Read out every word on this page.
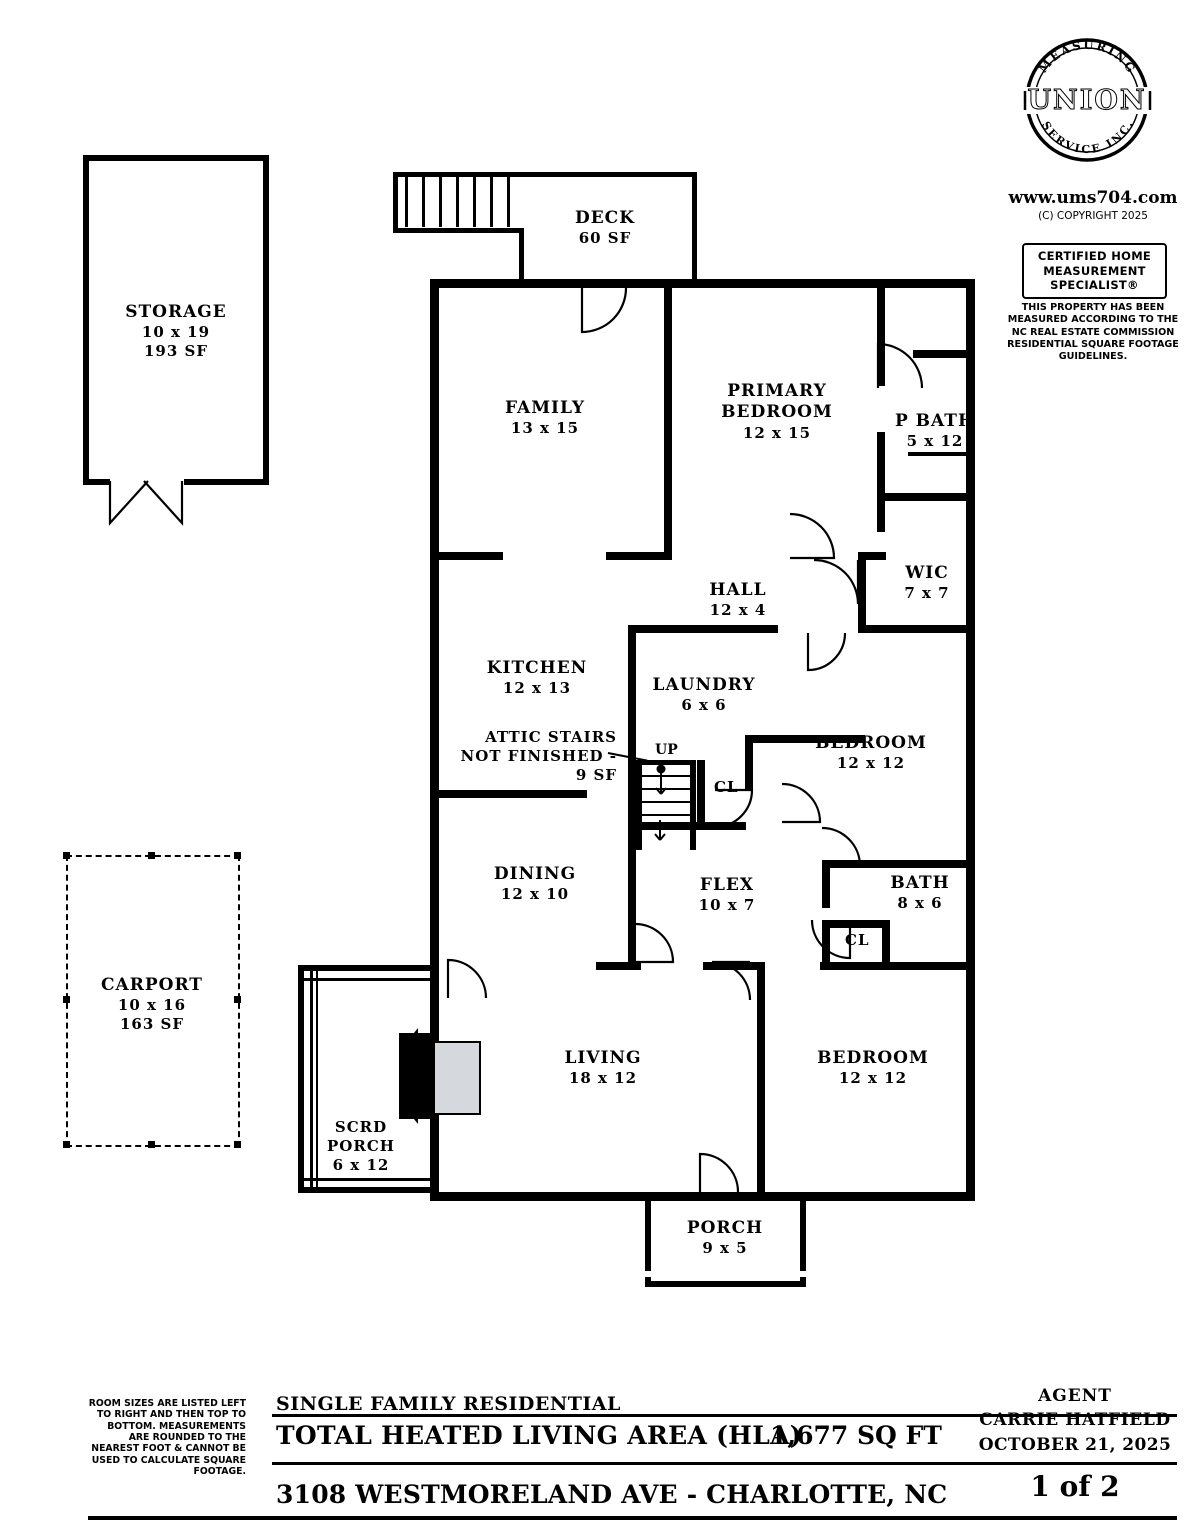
MEASURING
SERVICE INC.
UNION
www.ums704.com
(C) COPYRIGHT 2025
CERTIFIED HOME MEASUREMENT SPECIALIST®
THIS PROPERTY HAS BEEN MEASURED ACCORDING TO THE NC REAL ESTATE COMMISSION RESIDENTIAL SQUARE FOOTAGE GUIDELINES.
STORAGE
10 x 19
193 SF
CARPORT
10 x 16
163 SF
DECK
60 SF
UP
ATTIC STAIRS
NOT FINISHED -
9 SF
SCRD PORCH
6 x 12
PORCH
9 x 5
FAMILY
13 x 15
PRIMARY BEDROOM
12 x 15
P BATH
5 x 12
WIC
7 x 7
HALL
12 x 4
KITCHEN
12 x 13	LAUNDRY
6 x 6
BEDROOM
12 x 12
DINING
12 x 10	FLEX
10 x 7
BATH
8 x 6
LIVING
18 x 12
BEDROOM
12 x 12
CL
CL
ROOM SIZES ARE LISTED LEFT TO RIGHT AND THEN TOP TO BOTTOM. MEASUREMENTS ARE ROUNDED TO THE NEAREST FOOT & CANNOT BE USED TO CALCULATE SQUARE FOOTAGE.
SINGLE FAMILY RESIDENTIAL
TOTAL HEATED LIVING AREA (HLA)
1,677 SQ FT
3108 WESTMORELAND AVE - CHARLOTTE, NC
AGENT
CARRIE HATFIELD
OCTOBER 21, 2025
1 of 2
